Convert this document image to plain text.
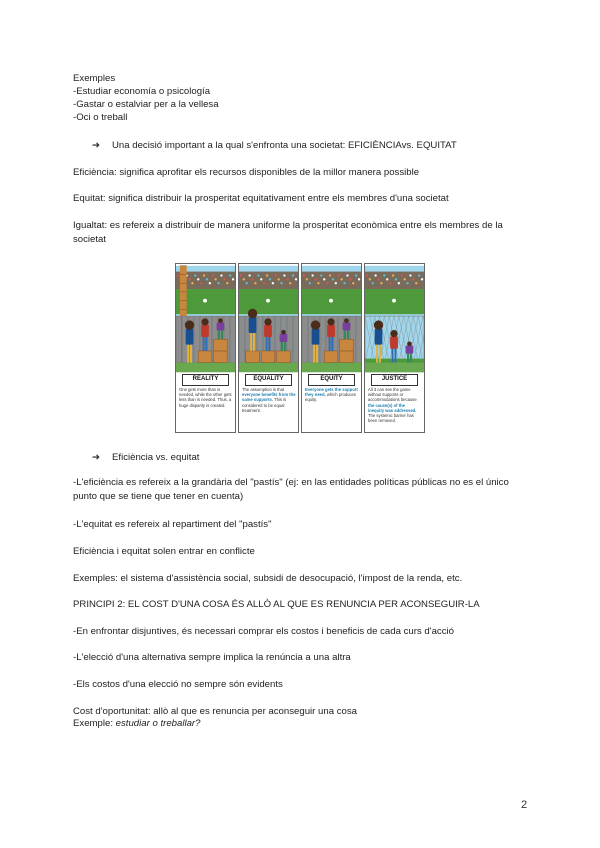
Exemples
-Estudiar economía o psicología
-Gastar o estalviar per a la vellesa
-Oci o treball
➔ Una decisió important a la qual s'enfronta una societat: EFICIÈNCIAvs. EQUITAT
Eficiència: significa aprofitar els recursos disponibles de la millor manera possible
Equitat: significa distribuir la prosperitat equitativament entre els membres d'una societat
Igualtat: es refereix a distribuir de manera uniforme la prosperitat econòmica entre els membres de la societat
REALITY
One gets more than is needed, while the other gets less than is needed. Thus, a huge disparity is created.
EQUALITY
The assumption is that everyone benefits from the same supports. This is considered to be equal treatment.
EQUITY
Everyone gets the support they need, which produces equity.
JUSTICE
All 3 can see the game without supports or accommodations because the cause(s) of the inequity was addressed. The systemic barrier has been removed.
➔ Eficiència vs. equitat
-L'eficiència es refereix a la grandària del "pastís" (ej: en las entidades políticas públicas no es el único punto que se tiene que tener en cuenta)
-L'equitat es refereix al repartiment del "pastís"
Eficiència i equitat solen entrar en conflicte
Exemples: el sistema d'assistència social, subsidi de desocupació, l'impost de la renda, etc.
PRINCIPI 2: EL COST D'UNA COSA ÉS ALLÒ AL QUE ES RENUNCIA PER ACONSEGUIR-LA
-En enfrontar disjuntives, és necessari comprar els costos i beneficis de cada curs d'acció
-L'elecció d'una alternativa sempre implica la renúncia a una altra
-Els costos d'una elecció no sempre són evidents
Cost d'oportunitat: allò al que es renuncia per aconseguir una cosa
Exemple: estudiar o treballar?
2
